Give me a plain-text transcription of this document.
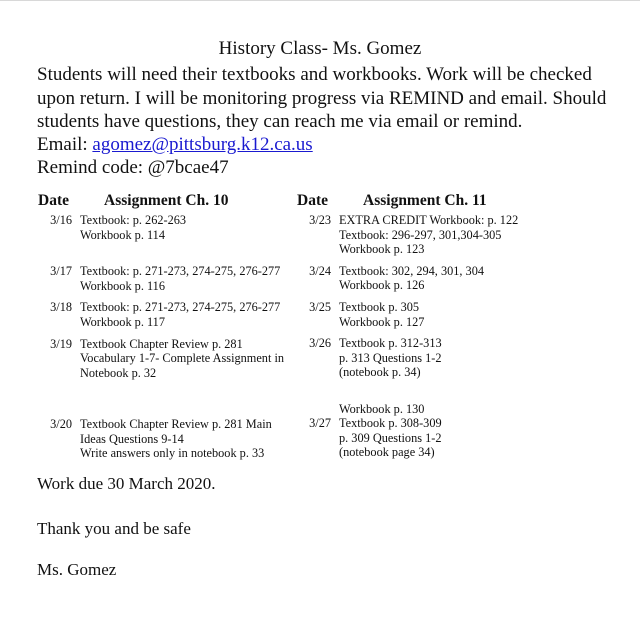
History Class- Ms. Gomez
Students will need their textbooks and workbooks. Work will be checked upon return. I will be monitoring progress via REMIND and email. Should students have questions, they can reach me via email or remind.
Email: agomez@pittsburg.k12.ca.us
Remind code: @7bcae47
Date Assignment Ch. 10
3/16 Textbook: p. 262-263
Workbook p. 114
3/17 Textbook: p. 271-273, 274-275, 276-277
Workbook p. 116
3/18 Textbook: p. 271-273, 274-275, 276-277
Workbook p. 117
3/19 Textbook Chapter Review p. 281
Vocabulary 1-7- Complete Assignment in
Notebook p. 32
3/20 Textbook Chapter Review p. 281 Main
Ideas Questions 9-14
Write answers only in notebook p. 33
Date Assignment Ch. 11
3/23 EXTRA CREDIT Workbook: p. 122
Textbook: 296-297, 301,304-305
Workbook p. 123
3/24 Textbook: 302, 294, 301, 304
Workbook p. 126
3/25 Textbook p. 305
Workbook p. 127
3/26 Textbook p. 312-313
p. 313 Questions 1-2
(notebook p. 34)
Workbook p. 130
3/27 Textbook p. 308-309
p. 309 Questions 1-2
(notebook page 34)
Work due 30 March 2020.
Thank you and be safe
Ms. Gomez
